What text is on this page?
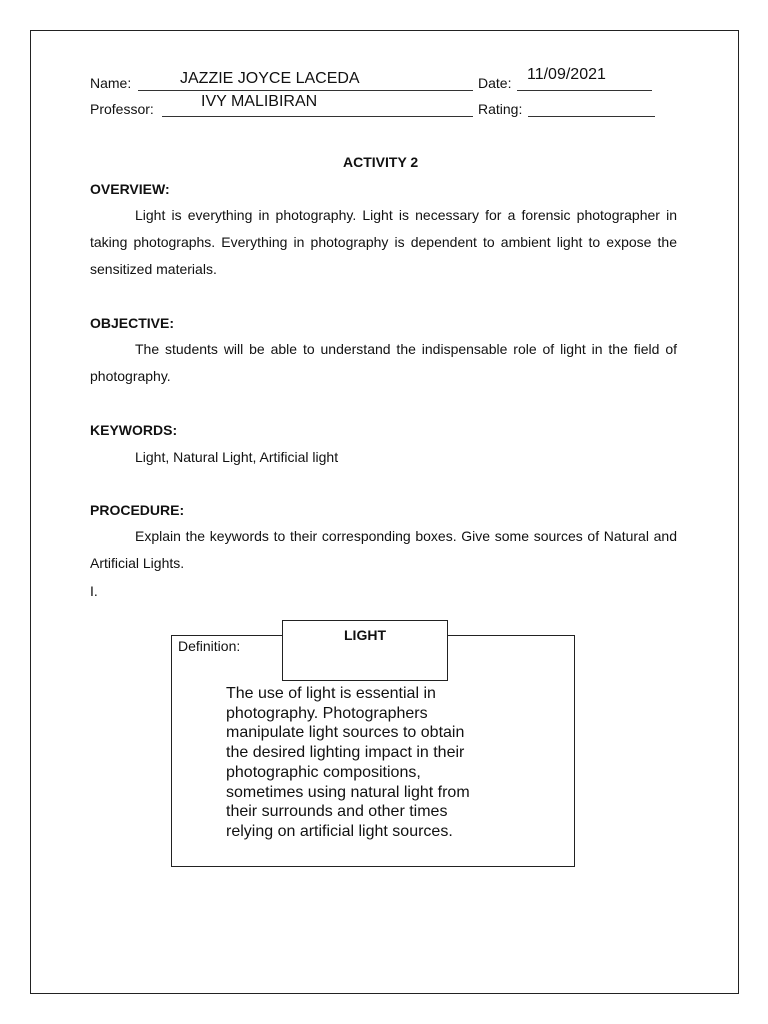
Name:	JAZZIE JOYCE LACEDA	Date: 11/09/2021
Professor:	IVY MALIBIRAN	Rating:
ACTIVITY 2
OVERVIEW:

Light is everything in photography. Light is necessary for a forensic photographer in taking photographs. Everything in photography is dependent to ambient light to expose the sensitized materials.

OBJECTIVE:

The students will be able to understand the indispensable role of light in the field of photography.

KEYWORDS:
Light, Natural Light, Artificial light
PROCEDURE:

Explain the keywords to their corresponding boxes. Give some sources of Natural and Artificial Lights.

I.
Definition:
LIGHT

The use of light is essential in photography. Photographers manipulate light sources to obtain the desired lighting impact in their photographic compositions, sometimes using natural light from their surrounds and other times relying on artificial light sources.
